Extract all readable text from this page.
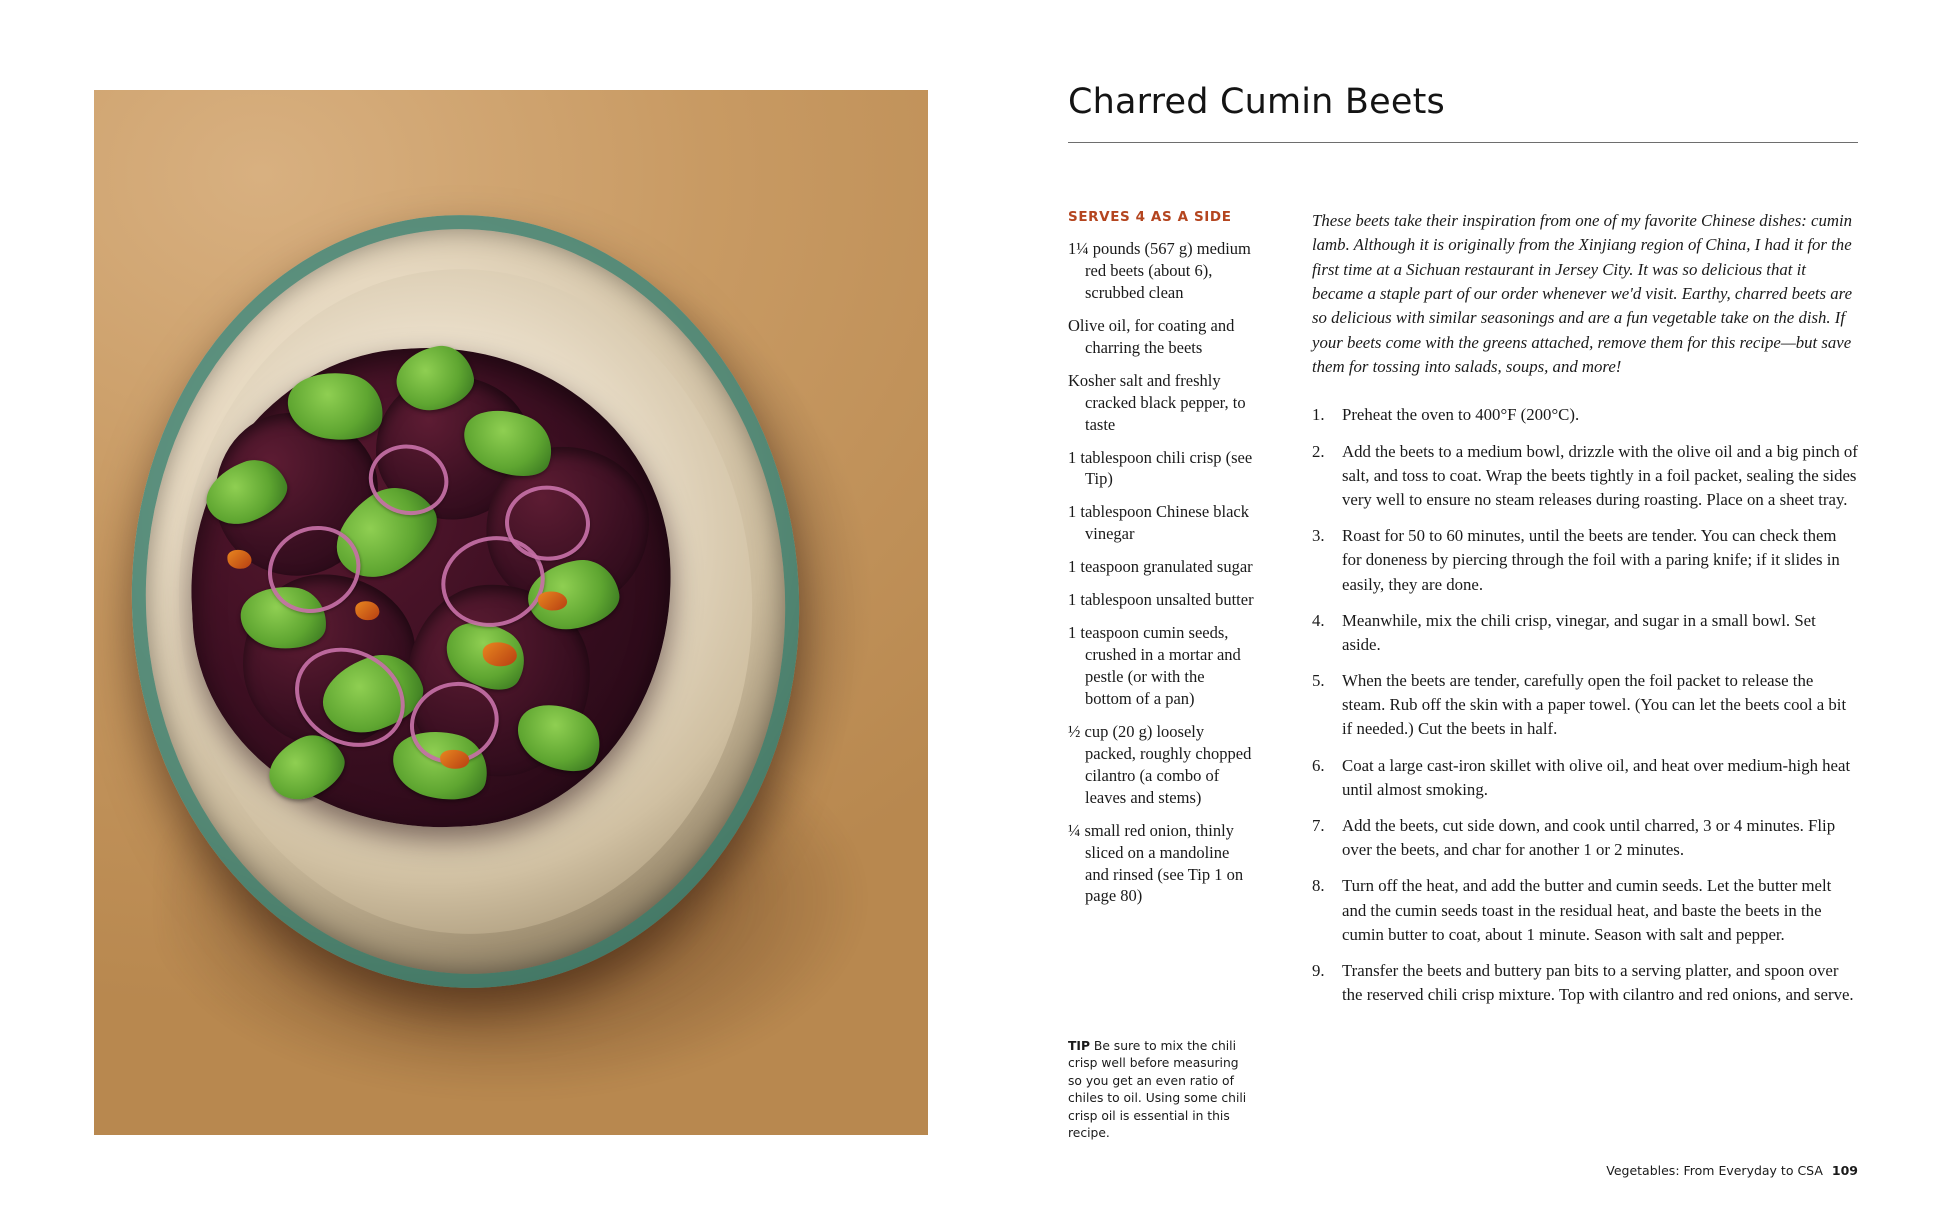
Charred Cumin Beets
SERVES 4 AS A SIDE
1¼ pounds (567 g) medium red beets (about 6), scrubbed clean
Olive oil, for coating and charring the beets
Kosher salt and freshly cracked black pepper, to taste
1 tablespoon chili crisp (see Tip)
1 tablespoon Chinese black vinegar
1 teaspoon granulated sugar
1 tablespoon unsalted butter
1 teaspoon cumin seeds, crushed in a mortar and pestle (or with the bottom of a pan)
½ cup (20 g) loosely packed, roughly chopped cilantro (a combo of leaves and stems)
¼ small red onion, thinly sliced on a mandoline and rinsed (see Tip 1 on page 80)

These beets take their inspiration from one of my favorite Chinese dishes: cumin lamb. Although it is originally from the Xinjiang region of China, I had it for the first time at a Sichuan restaurant in Jersey City. It was so delicious that it became a staple part of our order whenever we'd visit. Earthy, charred beets are so delicious with similar seasonings and are a fun vegetable take on the dish. If your beets come with the greens attached, remove them for this recipe—but save them for tossing into salads, soups, and more!

Preheat the oven to 400°F (200°C).
Add the beets to a medium bowl, drizzle with the olive oil and a big pinch of salt, and toss to coat. Wrap the beets tightly in a foil packet, sealing the sides very well to ensure no steam releases during roasting. Place on a sheet tray.
Roast for 50 to 60 minutes, until the beets are tender. You can check them for doneness by piercing through the foil with a paring knife; if it slides in easily, they are done.
Meanwhile, mix the chili crisp, vinegar, and sugar in a small bowl. Set aside.
When the beets are tender, carefully open the foil packet to release the steam. Rub off the skin with a paper towel. (You can let the beets cool a bit if needed.) Cut the beets in half.
Coat a large cast-iron skillet with olive oil, and heat over medium-high heat until almost smoking.
Add the beets, cut side down, and cook until charred, 3 or 4 minutes. Flip over the beets, and char for another 1 or 2 minutes.
Turn off the heat, and add the butter and cumin seeds. Let the butter melt and the cumin seeds toast in the residual heat, and baste the beets in the cumin butter to coat, about 1 minute. Season with salt and pepper.
Transfer the beets and buttery pan bits to a serving platter, and spoon over the reserved chili crisp mixture. Top with cilantro and red onions, and serve.
TIP Be sure to mix the chili crisp well before measuring so you get an even ratio of chiles to oil. Using some chili crisp oil is essential in this recipe.
Vegetables: From Everyday to CSA 109
